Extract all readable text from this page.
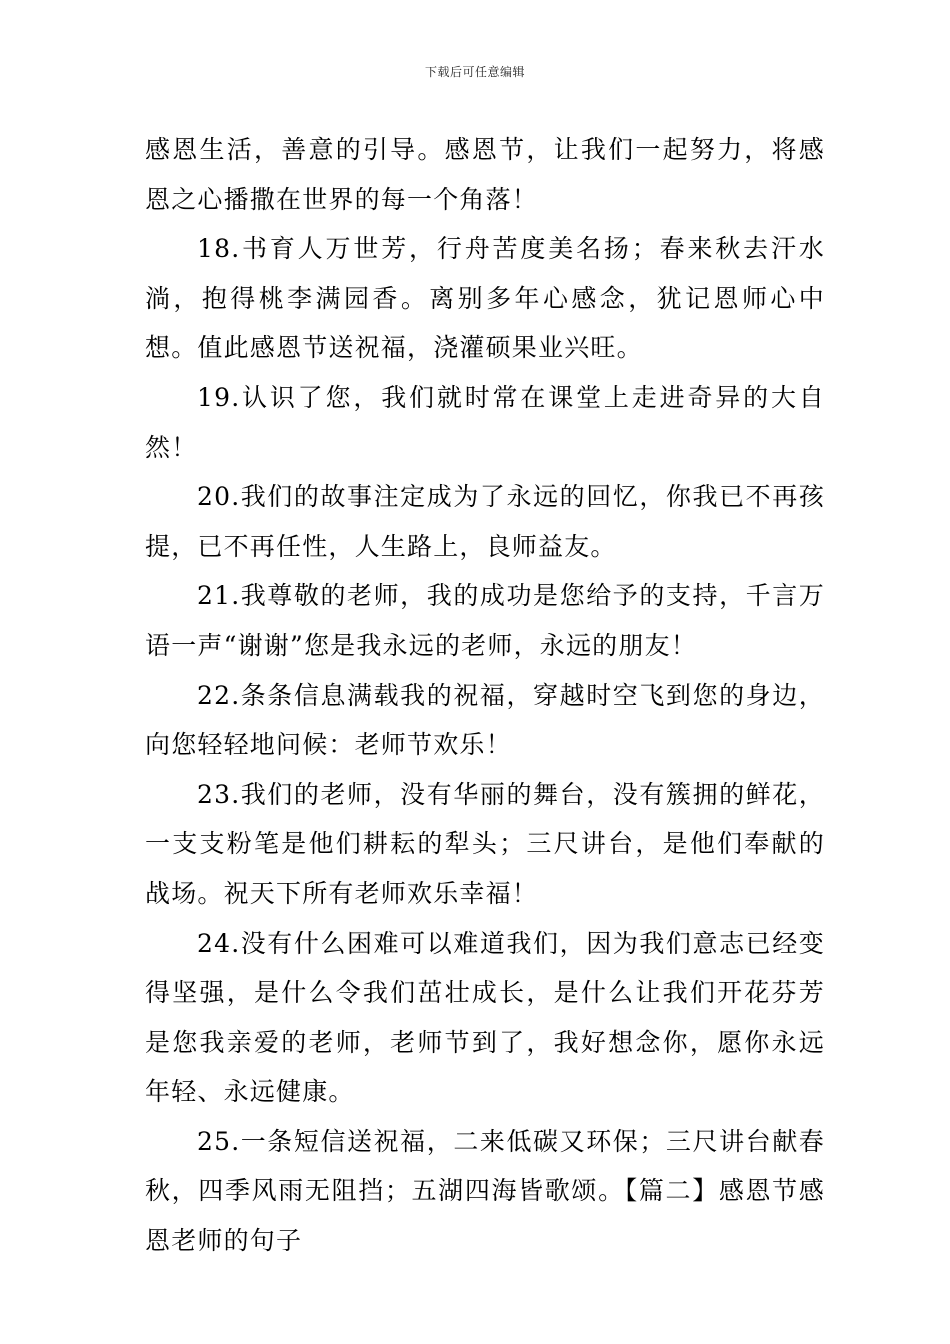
下载后可任意编辑

感恩生活，善意的引导。感恩节，让我们一起努力，将感恩之心播撒在世界的每一个角落！

18.书育人万世芳，行舟苦度美名扬；春来秋去汗水淌，抱得桃李满园香。离别多年心感念，犹记恩师心中想。值此感恩节送祝福，浇灌硕果业兴旺。

19.认识了您，我们就时常在课堂上走进奇异的大自然！

20.我们的故事注定成为了永远的回忆，你我已不再孩提，已不再任性，人生路上，良师益友。

21.我尊敬的老师，我的成功是您给予的支持，千言万语一声“谢谢”您是我永远的老师，永远的朋友！

22.条条信息满载我的祝福，穿越时空飞到您的身边，向您轻轻地问候：老师节欢乐！

23.我们的老师，没有华丽的舞台，没有簇拥的鲜花，一支支粉笔是他们耕耘的犁头；三尺讲台，是他们奉献的战场。祝天下所有老师欢乐幸福！

24.没有什么困难可以难道我们，因为我们意志已经变得坚强，是什么令我们茁壮成长，是什么让我们开花芬芳是您我亲爱的老师，老师节到了，我好想念你，愿你永远年轻、永远健康。

25.一条短信送祝福，二来低碳又环保；三尺讲台献春秋，四季风雨无阻挡；五湖四海皆歌颂。【篇二】感恩节感恩老师的句子
